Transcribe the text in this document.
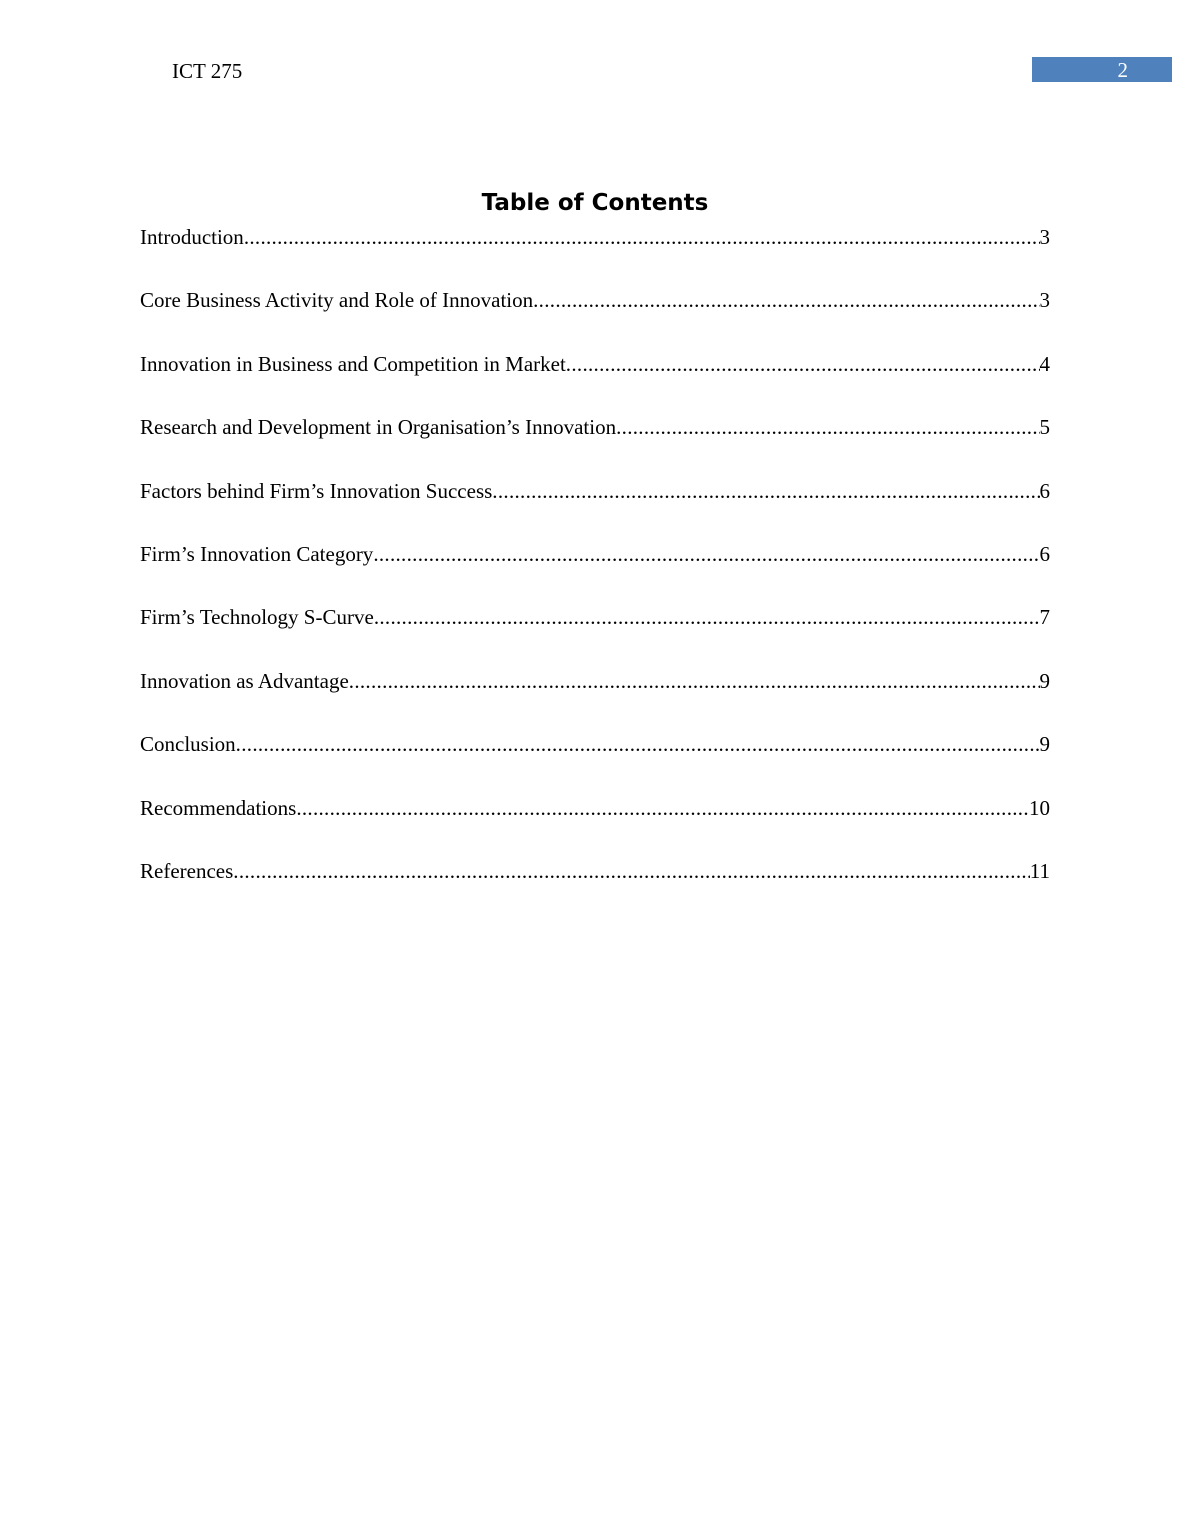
ICT 275	2
Table of Contents
Introduction .....	3
Core Business Activity and Role of Innovation .....	3
Innovation in Business and Competition in Market .....	4
Research and Development in Organisation’s Innovation .....	5
Factors behind Firm’s Innovation Success .....	6
Firm’s Innovation Category .....	6
Firm’s Technology S-Curve .....	7
Innovation as Advantage .....	9
Conclusion .....	9
Recommendations .....	10
References .....	11
